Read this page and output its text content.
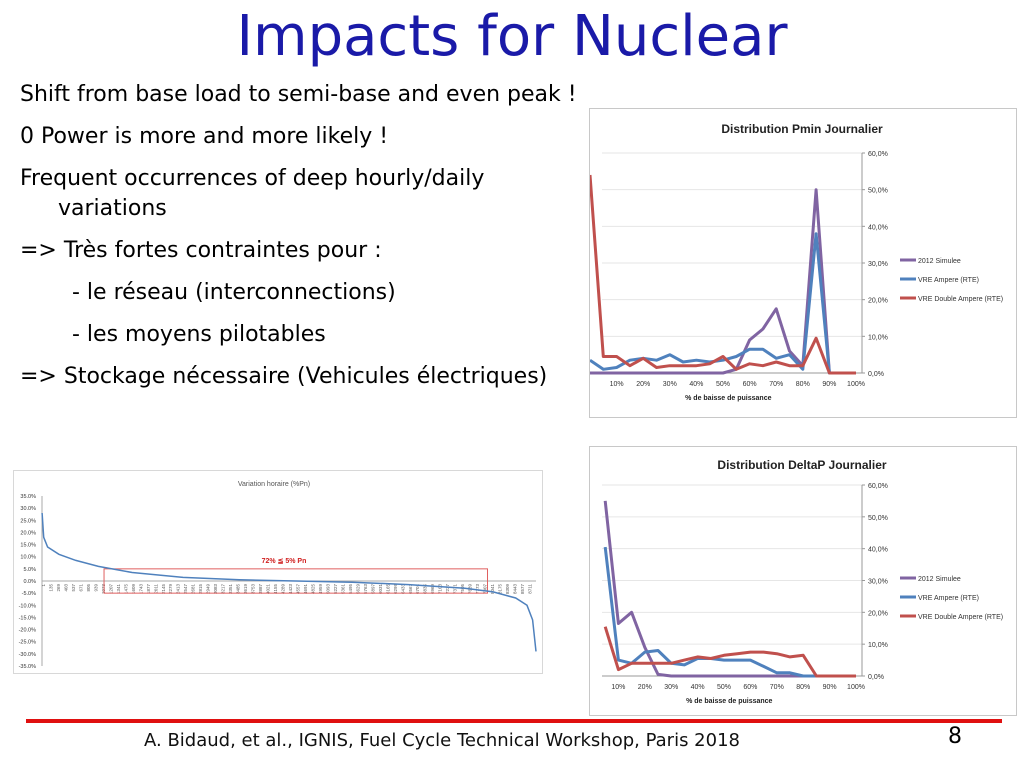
Impacts for Nuclear
Shift from base load to semi-base and even peak !
0 Power is more and more likely !
Frequent occurrences of deep hourly/daily
variations
=> Très fortes contraintes pour :
- le réseau (interconnections)
- les moyens pilotables
=> Stockage nécessaire (Vehicules électriques)
Distribution Pmin Journalier
0,0%
10,0%
20,0%
30,0%
40,0%
50,0%
60,0%
10% 20% 30% 40% 50% 60% 70% 80% 90% 100%
% de baisse de puissance
2012 Simulee
VRE Ampere (RTE)
VRE Double Ampere (RTE)
Distribution DeltaP Journalier
0,0%
10,0%
20,0%
30,0%
40,0%
50,0%
60,0%
10% 20% 30% 40% 50% 60% 70% 80% 90% 100%
% de baisse de puissance
2012 Simulee
VRE Ampere (RTE)
VRE Double Ampere (RTE)
Variation horaire (%Pn)
35.0%
30.0%
25.0%
20.0%
15.0%
10.0%
5.0%
0.0%
-5.0%
-10.0%
-15.0%
-20.0%
-25.0%
-30.0%
-35.0%
1 135 269 403 537 671 805 939 1073 1207 1341 1475 1609 1743 1877 2011 2145 2279 2413 2547 2681 2815 2949 3083 3217 3351 3485 3619 3753 3887 4021 4155 4289 4423 4557 4691 4825 4959 5093 5227 5361 5495 5629 5763 5897 6031 6165 6299 6433 6567 6701 6835 6969 7103 7237 7371 7505 7639 7773 7907 8041 8175 8309 8443 8577 8711
72% ≦ 5% Pn
A. Bidaud, et al., IGNIS, Fuel Cycle Technical Workshop, Paris 2018	8
